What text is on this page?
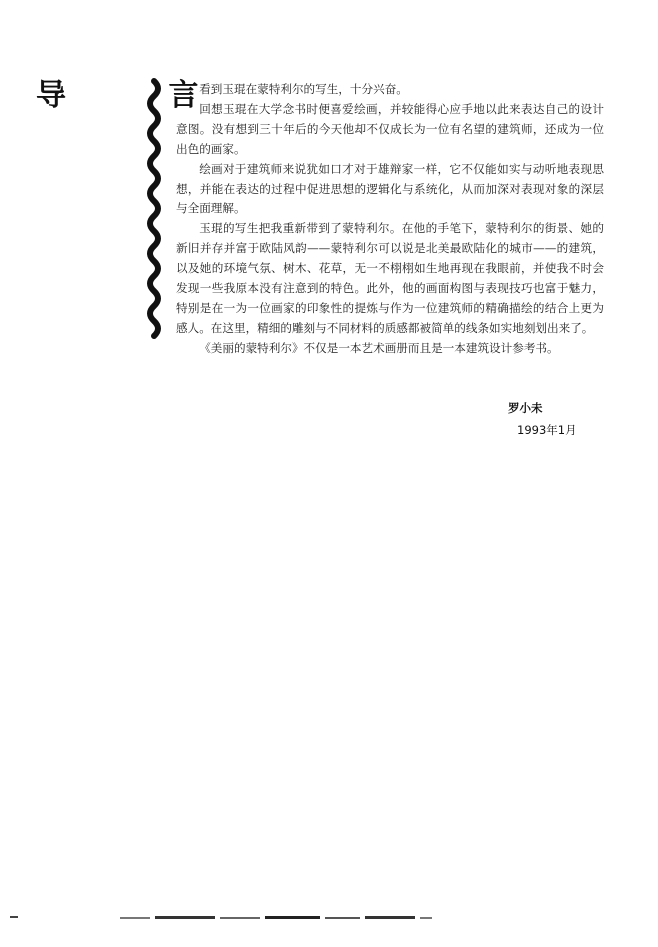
导 言

看到玉琨在蒙特利尔的写生，十分兴奋。

回想玉琨在大学念书时便喜爱绘画，并较能得心应手地以此来表达自己的设计意图。没有想到三十年后的今天他却不仅成长为一位有名望的建筑师，还成为一位出色的画家。

绘画对于建筑师来说犹如口才对于雄辩家一样，它不仅能如实与动听地表现思想，并能在表达的过程中促进思想的逻辑化与系统化，从而加深对表现对象的深层与全面理解。

玉琨的写生把我重新带到了蒙特利尔。在他的手笔下，蒙特利尔的街景、她的新旧并存并富于欧陆风韵——蒙特利尔可以说是北美最欧陆化的城市——的建筑，以及她的环境气氛、树木、花草，无一不栩栩如生地再现在我眼前，并使我不时会发现一些我原本没有注意到的特色。此外，他的画面构图与表现技巧也富于魅力，特别是在一为一位画家的印象性的提炼与作为一位建筑师的精确描绘的结合上更为感人。在这里，精细的雕刻与不同材料的质感都被简单的线条如实地刻划出来了。

《美丽的蒙特利尔》不仅是一本艺术画册而且是一本建筑设计参考书。

罗小未
1993年1月
